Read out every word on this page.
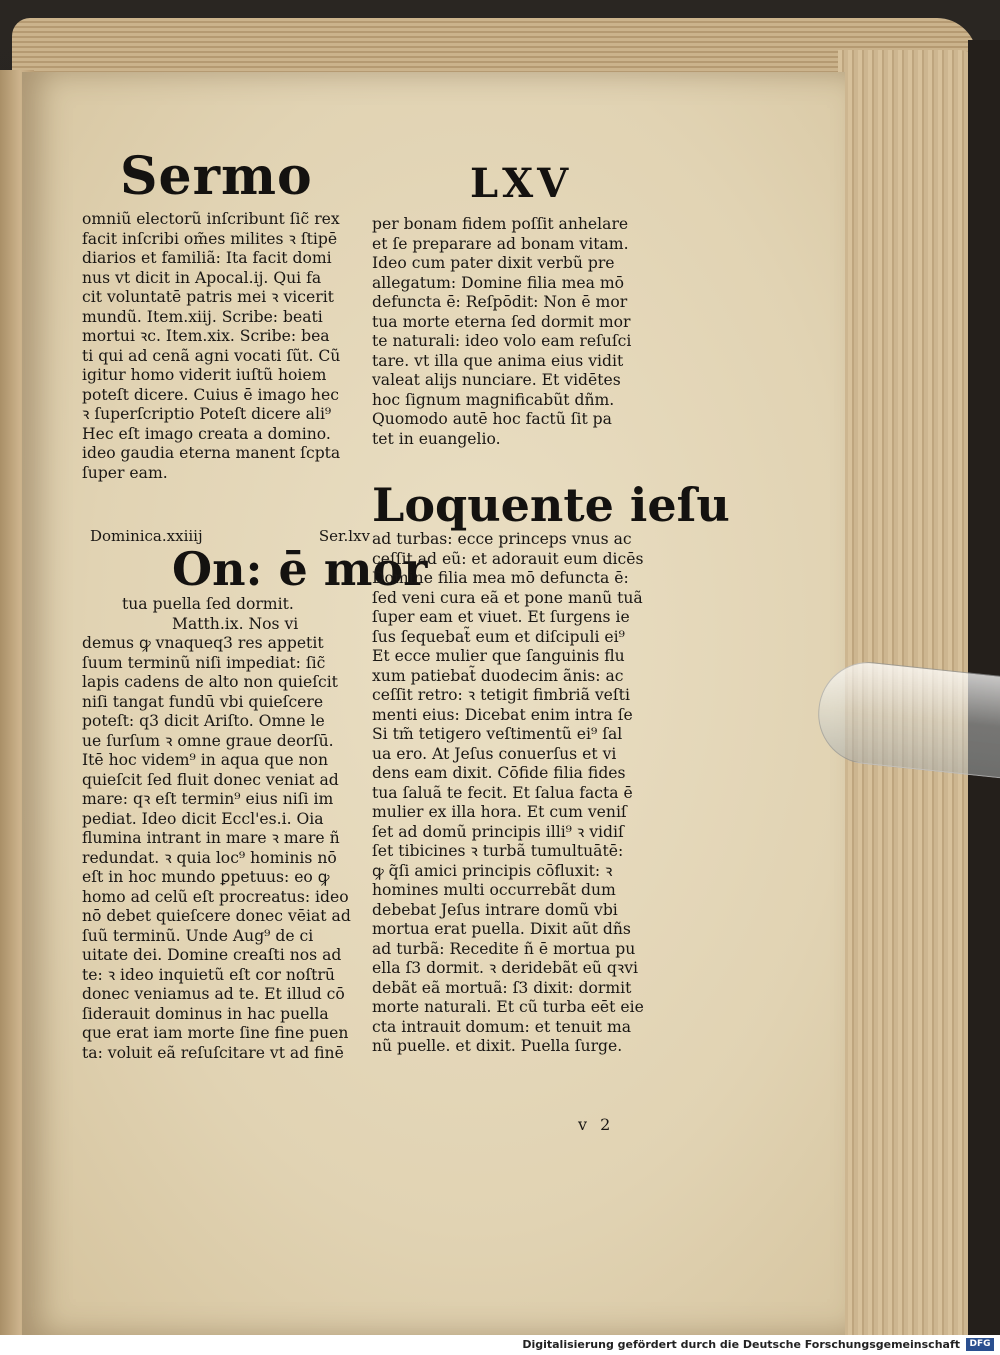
Sermo	LXV
omniũ electorũ inſcribunt ſic̃ rex
facit inſcribi om̃es milites ꝛ ſtipē
diarios et familiã: Ita facit domi
nus vt dicit in Apocal.ij. Qui fa
cit voluntatē patris mei ꝛ vicerit
mundũ. Item.xiij. Scribe: beati
mortui ꝛc. Item.xix. Scribe: bea
ti qui ad cenã agni vocati ſũt. Cũ
igitur homo viderit iuſtũ hoiem
poteſt dicere. Cuius ē imago hec
ꝛ ſuperſcriptio Poteſt dicere ali⁹
Hec eſt imago creata a domino.
ideo gaudia eterna manent ſcpta
ſuper eam.
per bonam fidem poſſit anhelare
et ſe preparare ad bonam vitam.
Ideo cum pater dixit verbũ pre
allegatum: Domine filia mea mō
defuncta ē: Reſpōdit: Non ē mor
tua morte eterna ſed dormit mor
te naturali: ideo volo eam reſuſci
tare. vt illa que anima eius vidit
valeat alijs nunciare. Et vidētes
hoc ſignum magnificabũt dñm.
Quomodo autē hoc factũ ſit pa
tet in euangelio.
Dominica.xxiiij	Ser.lxv
On: ē mor
tua puella ſed dormit.
Matth.ix. Nos vi
demus ꝙ vnaqueq3 res appetit
ſuum terminũ niſi impediat: ſic̃
lapis cadens de alto non quieſcit
niſi tangat fundū vbi quieſcere
poteſt: q3 dicit Ariſto. Omne le
ue ſurſum ꝛ omne graue deorſū.
Itē hoc videm⁹ in aqua que non
quieſcit ſed fluit donec veniat ad
mare: qꝛ eſt termin⁹ eius niſi im
pediat. Ideo dicit Eccl'es.i. Oia
flumina intrant in mare ꝛ mare ñ
redundat. ꝛ quia loc⁹ hominis nō
eſt in hoc mundo ꝑpetuus: eo ꝙ
homo ad celũ eſt procreatus: ideo
nō debet quieſcere donec vēiat ad
ſuũ terminũ. Unde Aug⁹ de ci
uitate dei. Domine creaſti nos ad
te: ꝛ ideo inquietũ eſt cor noſtrū
donec veniamus ad te. Et illud cō
ſiderauit dominus in hac puella
que erat iam morte ſine fine puen
ta: voluit eã reſuſcitare vt ad finē
Loquente ieſu
ad turbas: ecce princeps vnus ac
ceſſit ad eũ: et adorauit eum dicēs
Domine filia mea mō defuncta ē:
ſed veni cura eã et pone manũ tuã
ſuper eam et viuet. Et ſurgens ie
ſus ſequebat̃ eum et diſcipuli ei⁹
Et ecce mulier que ſanguinis flu
xum patiebat̃ duodecim ãnis: ac
ceſſit retro: ꝛ tetigit fimbriã veſti
menti eius: Dicebat enim intra ſe
Si tm̃ tetigero veſtimentũ ei⁹ ſal
ua ero. At Jeſus conuerſus et vi
dens eam dixit. Cōfide filia fides
tua ſaluã te fecit. Et ſalua facta ē
mulier ex illa hora. Et cum veniſ
ſet ad domũ principis illi⁹ ꝛ vidiſ
ſet tibicines ꝛ turbã tumultuātē:
ꝙ q̃ſi amici principis cōfluxit: ꝛ
homines multi occurrebãt dum
debebat Jeſus intrare domũ vbi
mortua erat puella. Dixit aũt dñs
ad turbã: Recedite ñ ē mortua pu
ella ſ3 dormit. ꝛ deridebãt eũ qꝛvi
debãt eã mortuã: ſ3 dixit: dormit
morte naturali. Et cũ turba eēt eie
cta intrauit domum: et tenuit ma
nũ puelle. et dixit. Puella ſurge.
v 2
Digitalisierung gefördert durch die Deutsche Forschungsgemeinschaft	DFG
